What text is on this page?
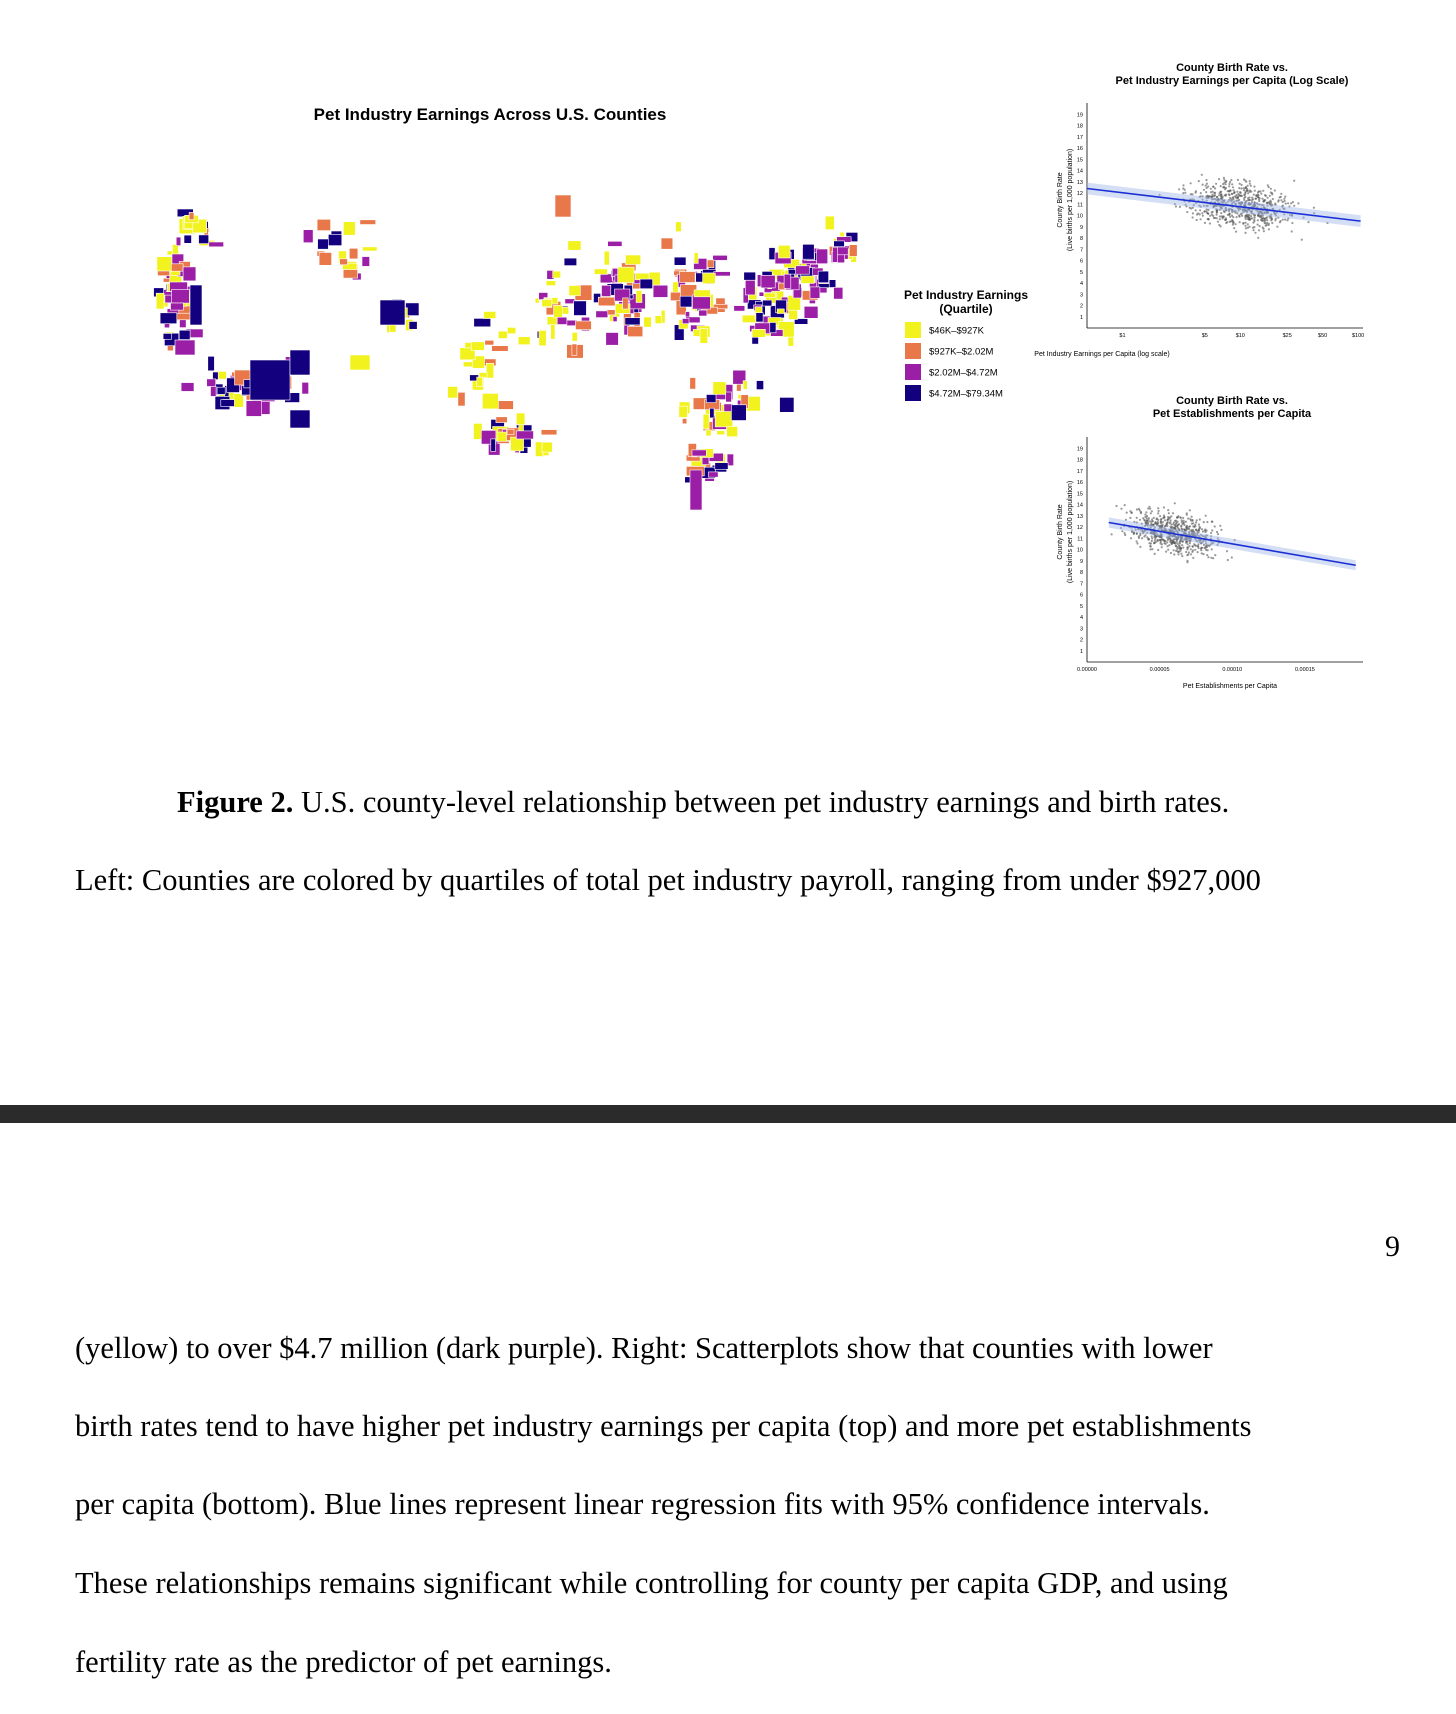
Pet Industry Earnings Across U.S. Counties
Pet Industry Earnings
(Quartile)
$46K–$927K
$927K–$2.02M
$2.02M–$4.72M
$4.72M–$79.34M
County Birth Rate vs.
Pet Industry Earnings per Capita (Log Scale)
Pet Industry Earnings per Capita (log scale)
County Birth Rate (Live births per 1,000 population)
1
2
3
4
5
6
7
8
9
10
11
12
13
14
15
16
17
18
19
$1	$5	$10	$25	$50	$100
County Birth Rate vs.
Pet Establishments per Capita
Pet Establishments per Capita
County Birth Rate (Live births per 1,000 population)
1
2
3
4
5
6
7
8
9
10
11
12
13
14
15
16
17
18
19
0.00000	0.00005	0.00010	0.00015
Figure 2. U.S. county-level relationship between pet industry earnings and birth rates.
Left: Counties are colored by quartiles of total pet industry payroll, ranging from under $927,000
9
(yellow) to over $4.7 million (dark purple). Right: Scatterplots show that counties with lower
birth rates tend to have higher pet industry earnings per capita (top) and more pet establishments
per capita (bottom). Blue lines represent linear regression fits with 95% confidence intervals.
These relationships remains significant while controlling for county per capita GDP, and using
fertility rate as the predictor of pet earnings.
